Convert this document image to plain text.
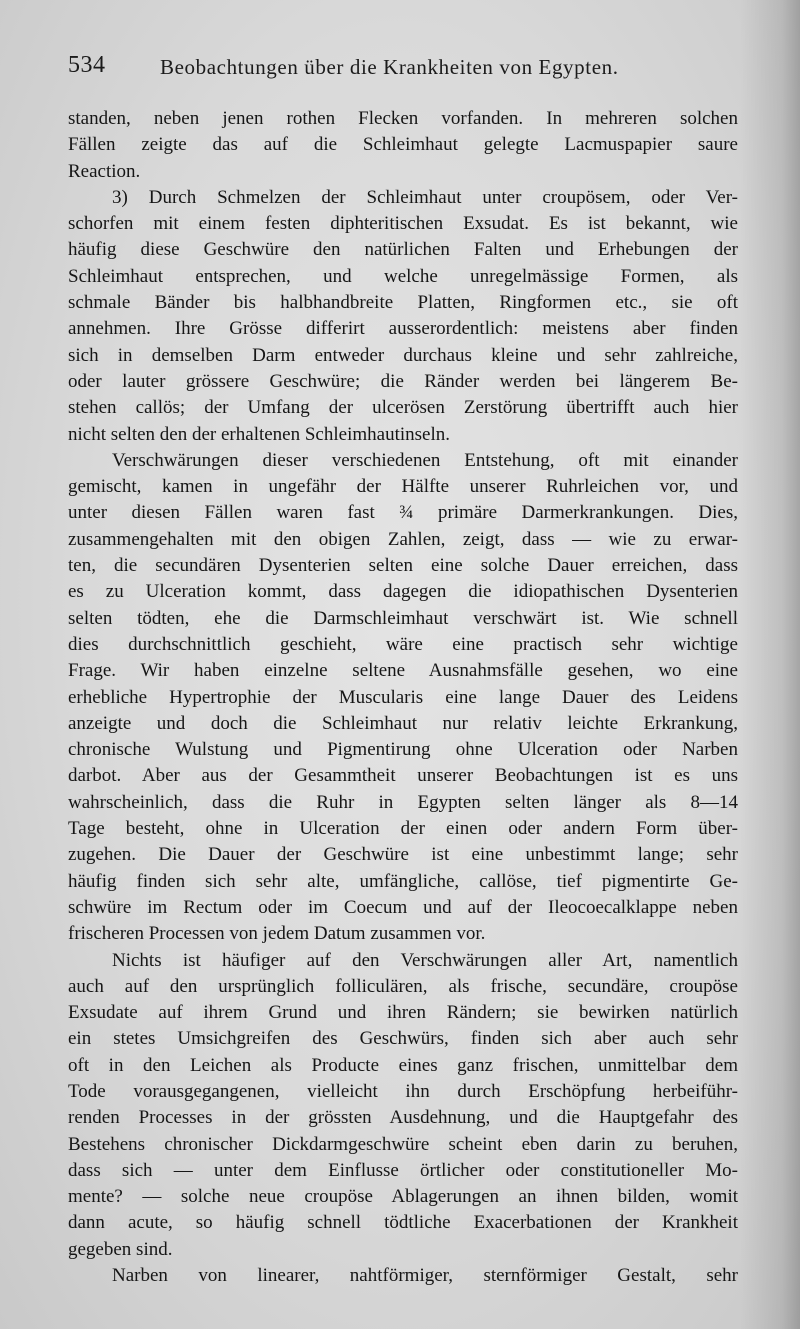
534	Beobachtungen über die Krankheiten von Egypten.
standen, neben jenen rothen Flecken vorfanden. In mehreren solchen
Fällen zeigte das auf die Schleimhaut gelegte Lacmuspapier saure
Reaction.
3) Durch Schmelzen der Schleimhaut unter croupösem, oder Ver-
schorfen mit einem festen diphteritischen Exsudat. Es ist bekannt, wie
häufig diese Geschwüre den natürlichen Falten und Erhebungen der
Schleimhaut entsprechen, und welche unregelmässige Formen, als
schmale Bänder bis halbhandbreite Platten, Ringformen etc., sie oft
annehmen. Ihre Grösse differirt ausserordentlich: meistens aber finden
sich in demselben Darm entweder durchaus kleine und sehr zahlreiche,
oder lauter grössere Geschwüre; die Ränder werden bei längerem Be-
stehen callös; der Umfang der ulcerösen Zerstörung übertrifft auch hier
nicht selten den der erhaltenen Schleimhautinseln.
Verschwärungen dieser verschiedenen Entstehung, oft mit einander
gemischt, kamen in ungefähr der Hälfte unserer Ruhrleichen vor, und
unter diesen Fällen waren fast ¾ primäre Darmerkrankungen. Dies,
zusammengehalten mit den obigen Zahlen, zeigt, dass — wie zu erwar-
ten, die secundären Dysenterien selten eine solche Dauer erreichen, dass
es zu Ulceration kommt, dass dagegen die idiopathischen Dysenterien
selten tödten, ehe die Darmschleimhaut verschwärt ist. Wie schnell
dies durchschnittlich geschieht, wäre eine practisch sehr wichtige
Frage. Wir haben einzelne seltene Ausnahmsfälle gesehen, wo eine
erhebliche Hypertrophie der Muscularis eine lange Dauer des Leidens
anzeigte und doch die Schleimhaut nur relativ leichte Erkrankung,
chronische Wulstung und Pigmentirung ohne Ulceration oder Narben
darbot. Aber aus der Gesammtheit unserer Beobachtungen ist es uns
wahrscheinlich, dass die Ruhr in Egypten selten länger als 8—14
Tage besteht, ohne in Ulceration der einen oder andern Form über-
zugehen. Die Dauer der Geschwüre ist eine unbestimmt lange; sehr
häufig finden sich sehr alte, umfängliche, callöse, tief pigmentirte Ge-
schwüre im Rectum oder im Coecum und auf der Ileocoecalklappe neben
frischeren Processen von jedem Datum zusammen vor.
Nichts ist häufiger auf den Verschwärungen aller Art, namentlich
auch auf den ursprünglich folliculären, als frische, secundäre, croupöse
Exsudate auf ihrem Grund und ihren Rändern; sie bewirken natürlich
ein stetes Umsichgreifen des Geschwürs, finden sich aber auch sehr
oft in den Leichen als Producte eines ganz frischen, unmittelbar dem
Tode vorausgegangenen, vielleicht ihn durch Erschöpfung herbeiführ-
renden Processes in der grössten Ausdehnung, und die Hauptgefahr des
Bestehens chronischer Dickdarmgeschwüre scheint eben darin zu beruhen,
dass sich — unter dem Einflusse örtlicher oder constitutioneller Mo-
mente? — solche neue croupöse Ablagerungen an ihnen bilden, womit
dann acute, so häufig schnell tödtliche Exacerbationen der Krankheit
gegeben sind.
Narben von linearer, nahtförmiger, sternförmiger Gestalt, sehr
